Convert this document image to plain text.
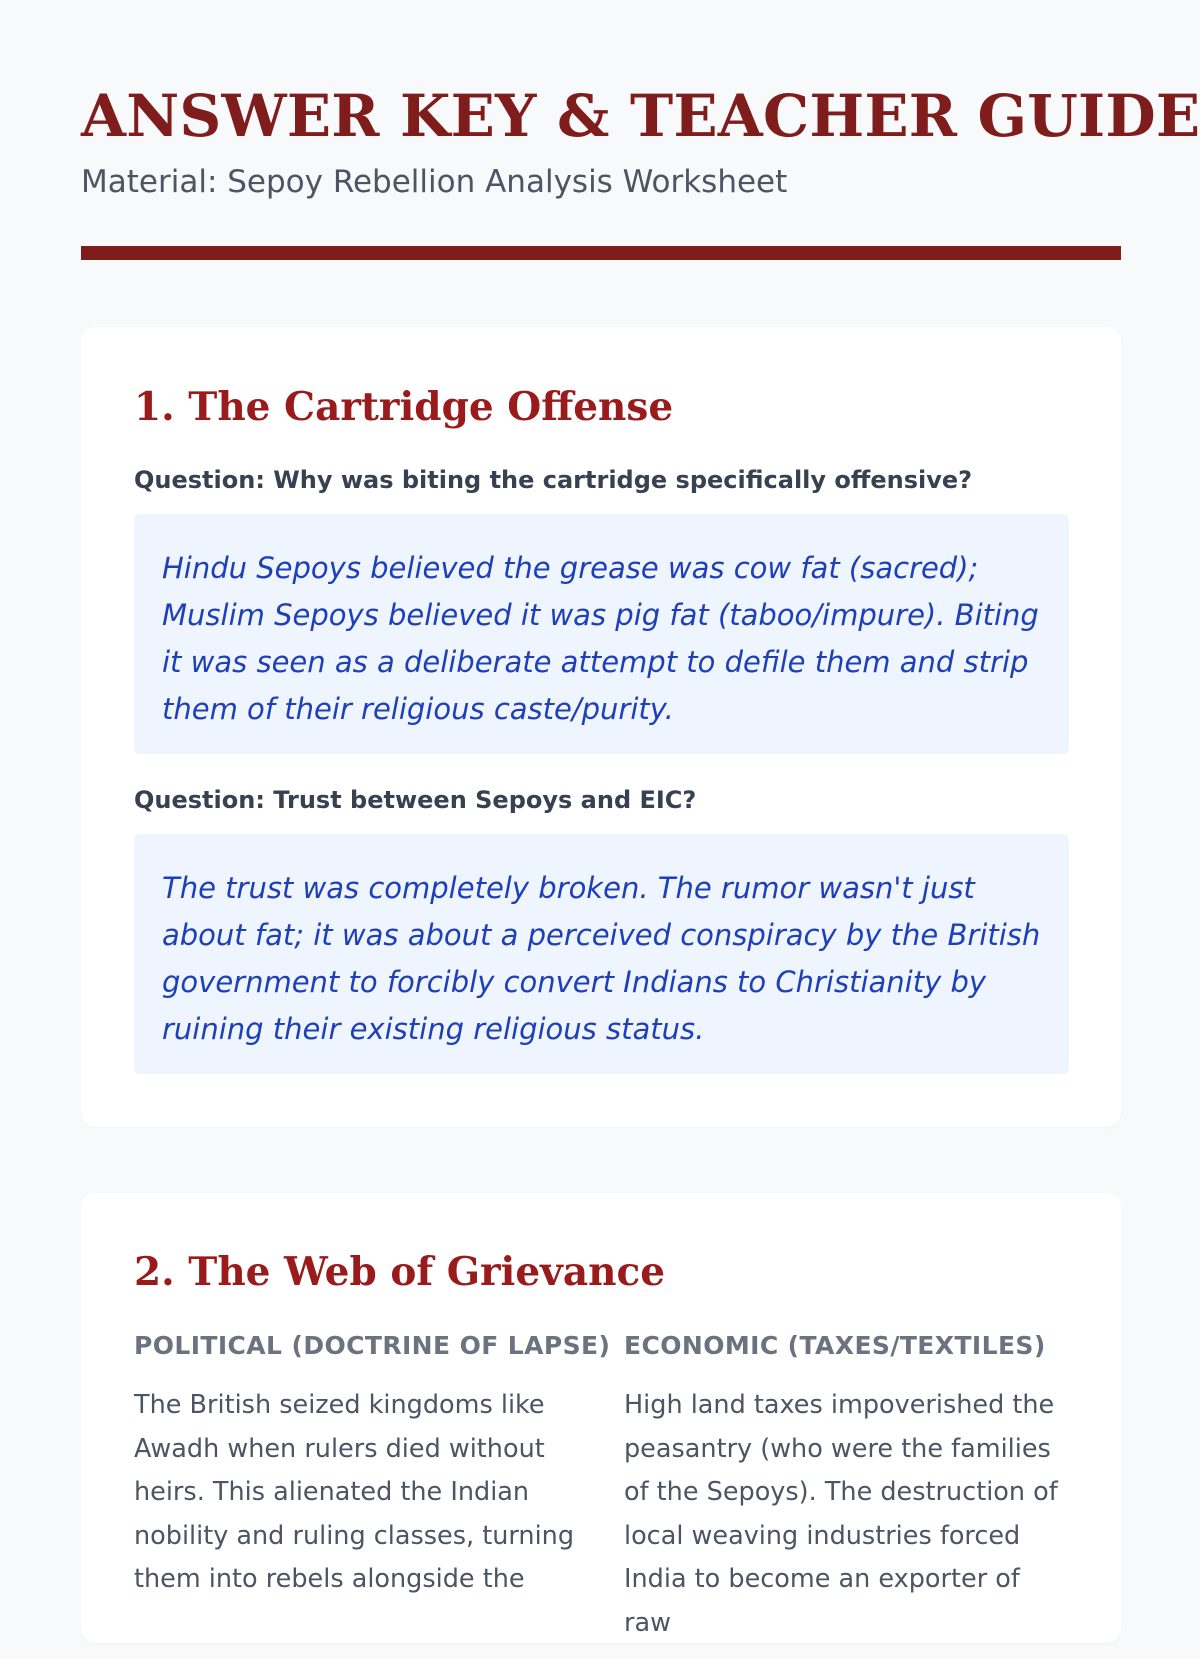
ANSWER KEY & TEACHER GUIDE
Material: Sepoy Rebellion Analysis Worksheet
1. The Cartridge Offense
Question: Why was biting the cartridge specifically offensive?
Hindu Sepoys believed the grease was cow fat (sacred); Muslim Sepoys believed it was pig fat (taboo/impure). Biting it was seen as a deliberate attempt to defile them and strip them of their religious caste/purity.
Question: Trust between Sepoys and EIC?
The trust was completely broken. The rumor wasn't just about fat; it was about a perceived conspiracy by the British government to forcibly convert Indians to Christianity by ruining their existing religious status.
2. The Web of Grievance
POLITICAL (DOCTRINE OF LAPSE)
The British seized kingdoms like Awadh when rulers died without heirs. This alienated the Indian nobility and ruling classes, turning them into rebels alongside the
ECONOMIC (TAXES/TEXTILES)
High land taxes impoverished the peasantry (who were the families of the Sepoys). The destruction of local weaving industries forced India to become an exporter of raw
